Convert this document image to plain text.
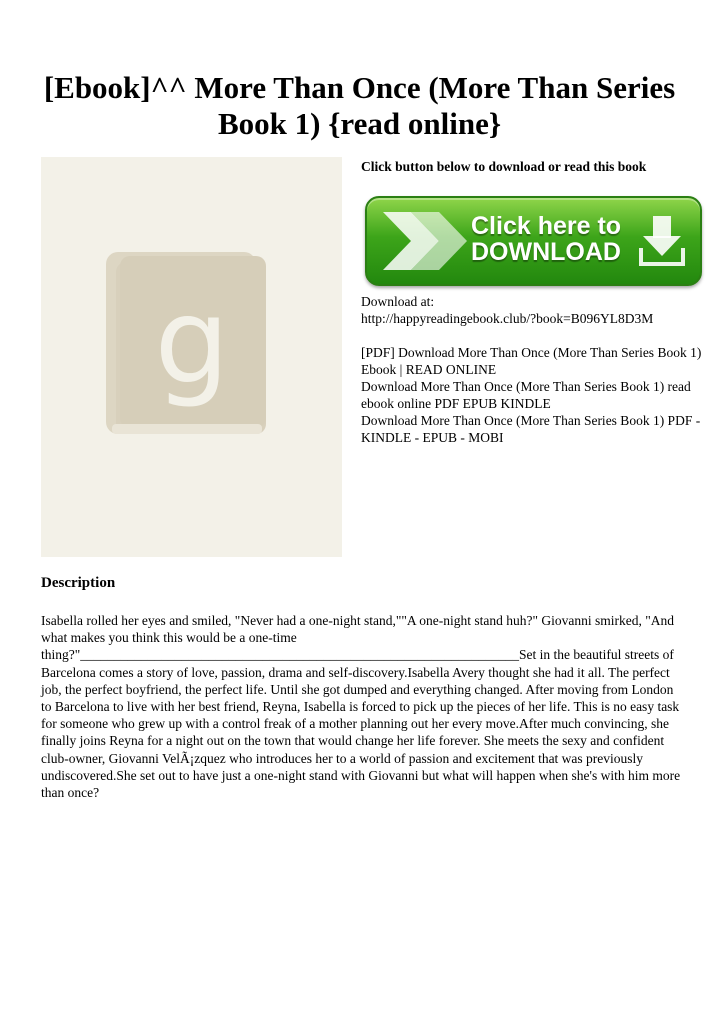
[Ebook]^^ More Than Once (More Than Series Book 1) {read online}
g

Click button below to download or read this book

Click here to
DOWNLOAD

Download at:

http://happyreadingebook.club/?book=B096YL8D3M

[PDF] Download More Than Once (More Than Series Book 1) Ebook | READ ONLINE

Download More Than Once (More Than Series Book 1) read ebook online PDF EPUB KINDLE

Download More Than Once (More Than Series Book 1) PDF - KINDLE - EPUB - MOBI

Description

Isabella rolled her eyes and smiled, "Never had a one-night stand,""A one-night stand huh?" Giovanni smirked, "And what makes you think this would be a one-time thing?"_________________________________________________________________Set in the beautiful streets of Barcelona comes a story of love, passion, drama and self-discovery.Isabella Avery thought she had it all. The perfect job, the perfect boyfriend, the perfect life. Until she got dumped and everything changed. After moving from London to Barcelona to live with her best friend, Reyna, Isabella is forced to pick up the pieces of her life. This is no easy task for someone who grew up with a control freak of a mother planning out her every move.After much convincing, she finally joins Reyna for a night out on the town that would change her life forever. She meets the sexy and confident club-owner, Giovanni VelÃ¡zquez who introduces her to a world of passion and excitement that was previously undiscovered.She set out to have just a one-night stand with Giovanni but what will happen when she's with him more than once?
